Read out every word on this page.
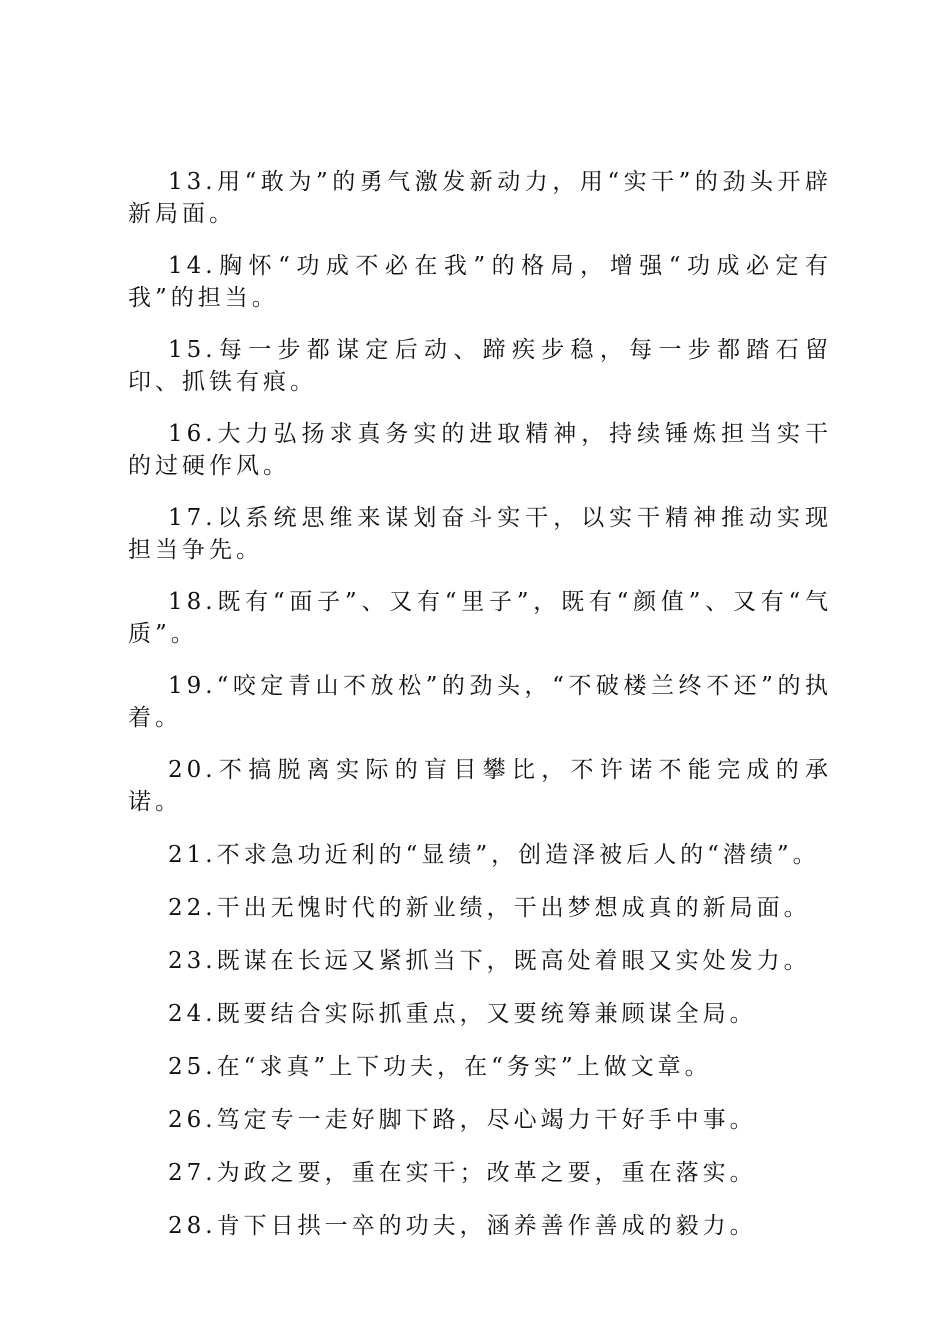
13.用“敢为”的勇气激发新动力，用“实干”的劲头开辟新局面。

14.胸怀“功成不必在我”的格局，增强“功成必定有我”的担当。

15.每一步都谋定后动、蹄疾步稳，每一步都踏石留印、抓铁有痕。

16.大力弘扬求真务实的进取精神，持续锤炼担当实干的过硬作风。

17.以系统思维来谋划奋斗实干，以实干精神推动实现担当争先。

18.既有“面子”、又有“里子”，既有“颜值”、又有“气质”。

19.“咬定青山不放松”的劲头，“不破楼兰终不还”的执着。

20.不搞脱离实际的盲目攀比，不许诺不能完成的承诺。

21.不求急功近利的“显绩”，创造泽被后人的“潜绩”。

22.干出无愧时代的新业绩，干出梦想成真的新局面。

23.既谋在长远又紧抓当下，既高处着眼又实处发力。

24.既要结合实际抓重点，又要统筹兼顾谋全局。

25.在“求真”上下功夫，在“务实”上做文章。

26.笃定专一走好脚下路，尽心竭力干好手中事。

27.为政之要，重在实干；改革之要，重在落实。

28.肯下日拱一卒的功夫，涵养善作善成的毅力。
